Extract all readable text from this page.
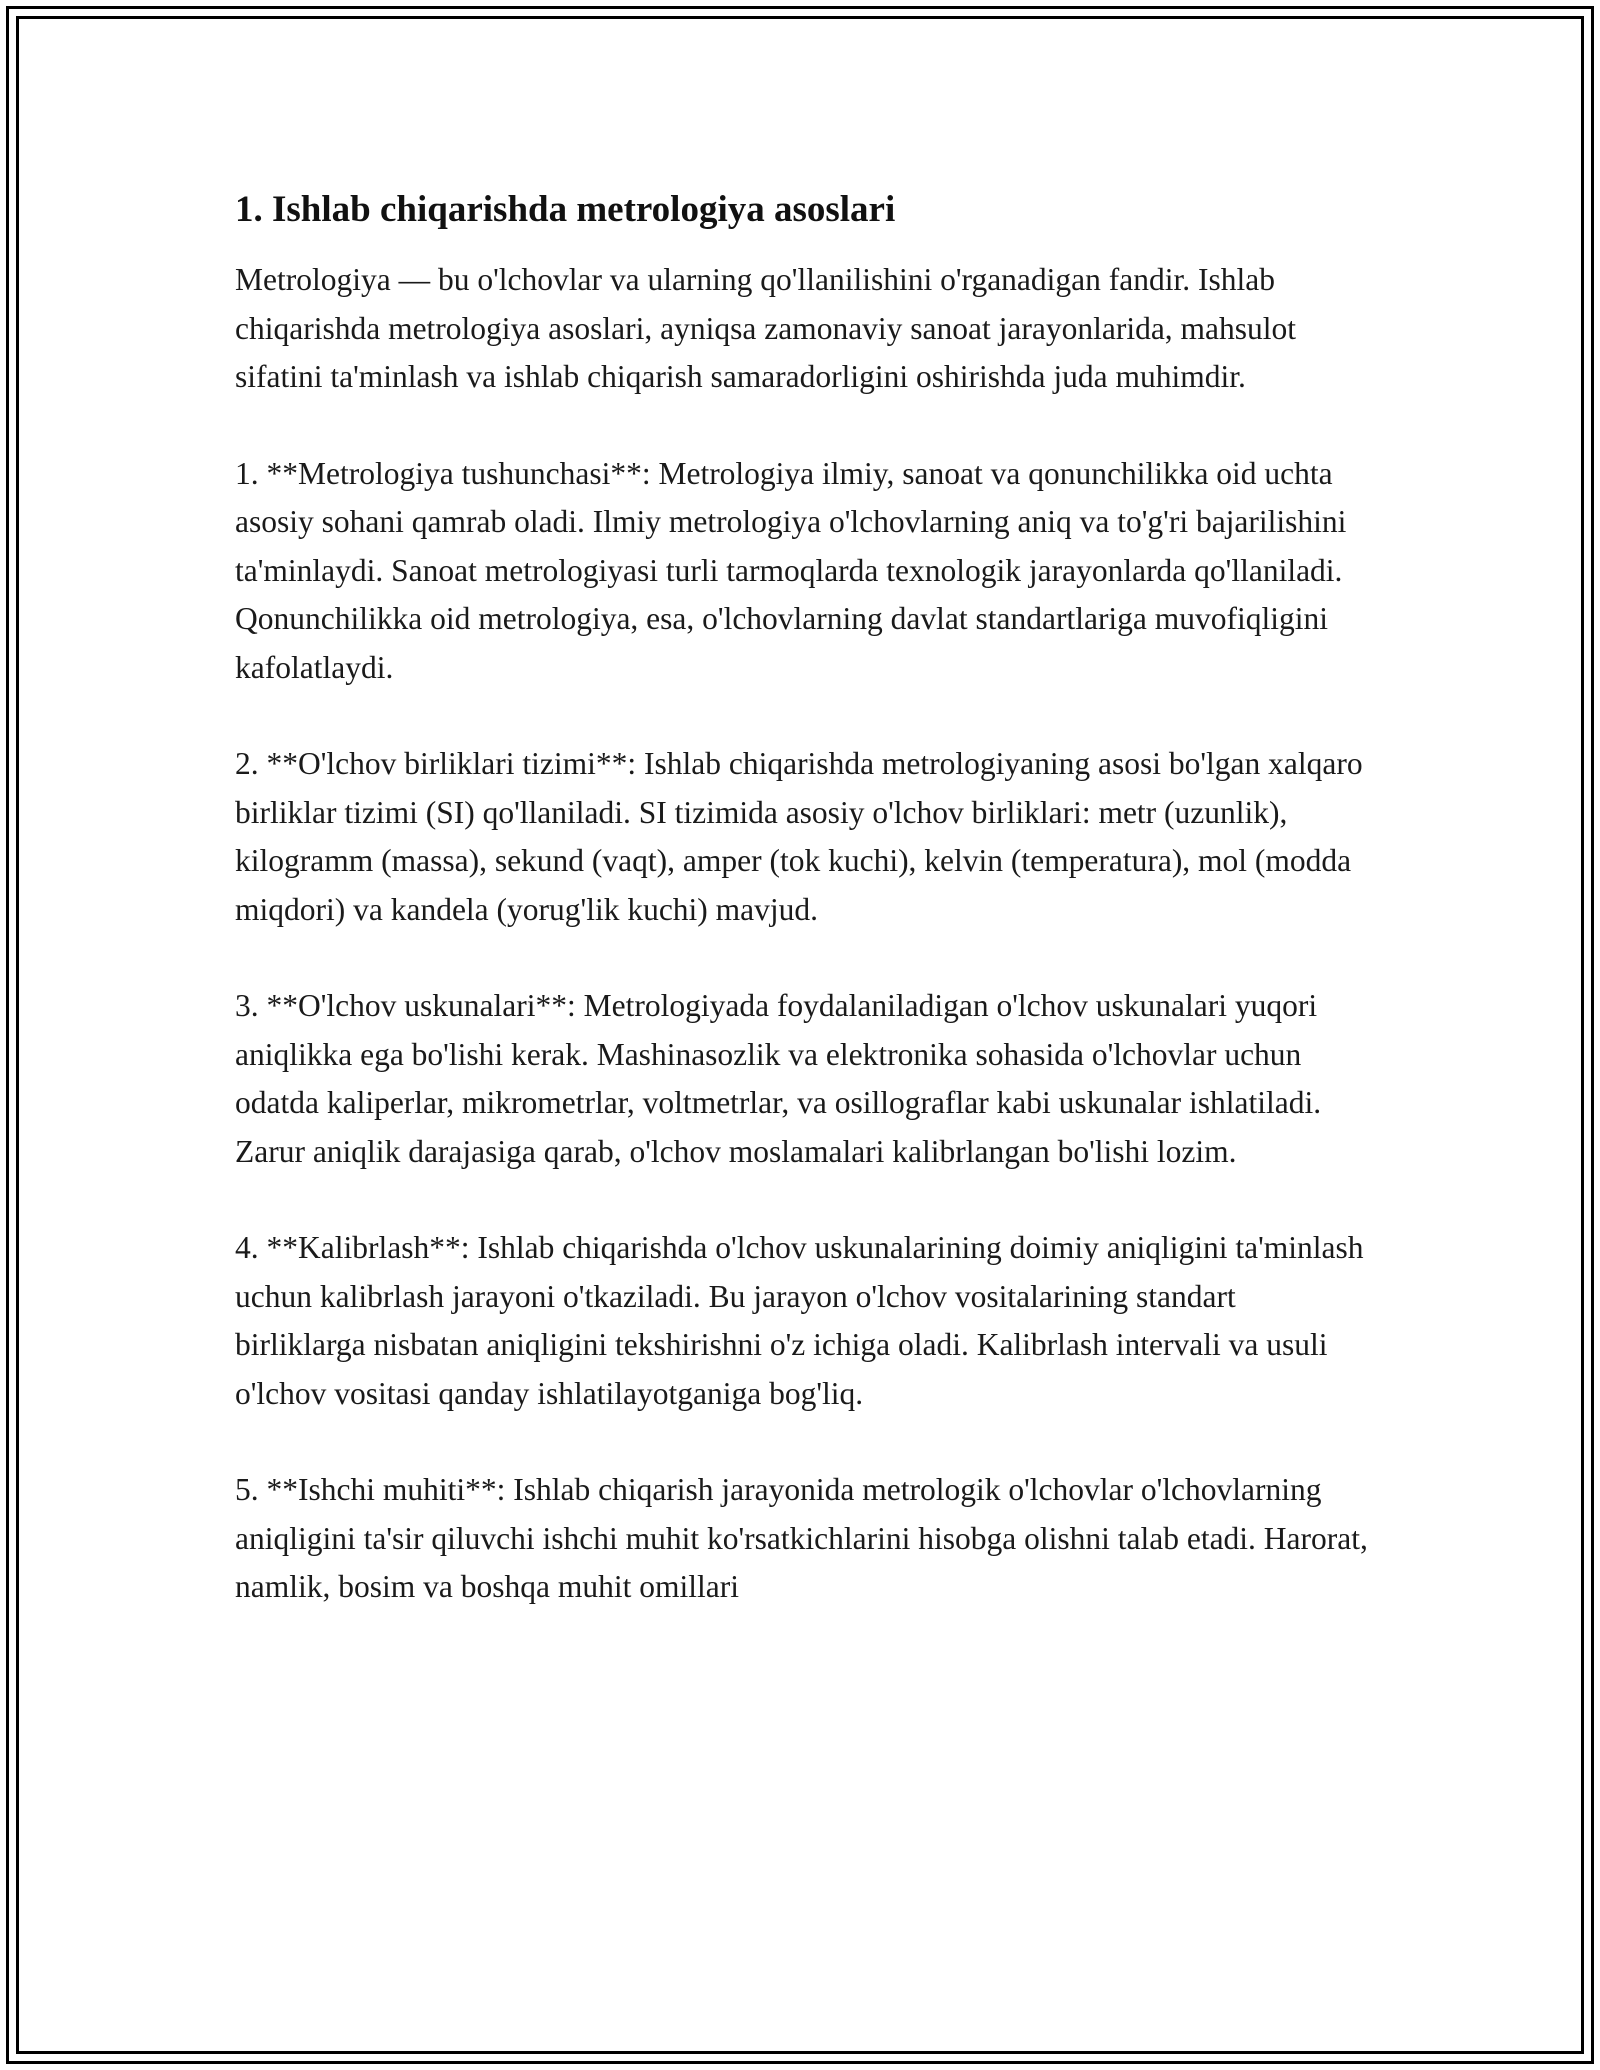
1. Ishlab chiqarishda metrologiya asoslari

Metrologiya — bu o'lchovlar va ularning qo'llanilishini o'rganadigan fandir. Ishlab chiqarishda metrologiya asoslari, ayniqsa zamonaviy sanoat jarayonlarida, mahsulot sifatini ta'minlash va ishlab chiqarish samaradorligini oshirishda juda muhimdir.

1. **Metrologiya tushunchasi**: Metrologiya ilmiy, sanoat va qonunchilikka oid uchta asosiy sohani qamrab oladi. Ilmiy metrologiya o'lchovlarning aniq va to'g'ri bajarilishini ta'minlaydi. Sanoat metrologiyasi turli tarmoqlarda texnologik jarayonlarda qo'llaniladi. Qonunchilikka oid metrologiya, esa, o'lchovlarning davlat standartlariga muvofiqligini kafolatlaydi.

2. **O'lchov birliklari tizimi**: Ishlab chiqarishda metrologiyaning asosi bo'lgan xalqaro birliklar tizimi (SI) qo'llaniladi. SI tizimida asosiy o'lchov birliklari: metr (uzunlik), kilogramm (massa), sekund (vaqt), amper (tok kuchi), kelvin (temperatura), mol (modda miqdori) va kandela (yorug'lik kuchi) mavjud.

3. **O'lchov uskunalari**: Metrologiyada foydalaniladigan o'lchov uskunalari yuqori aniqlikka ega bo'lishi kerak. Mashinasozlik va elektronika sohasida o'lchovlar uchun odatda kaliperlar, mikrometrlar, voltmetrlar, va osillograflar kabi uskunalar ishlatiladi. Zarur aniqlik darajasiga qarab, o'lchov moslamalari kalibrlangan bo'lishi lozim.

4. **Kalibrlash**: Ishlab chiqarishda o'lchov uskunalarining doimiy aniqligini ta'minlash uchun kalibrlash jarayoni o'tkaziladi. Bu jarayon o'lchov vositalarining standart birliklarga nisbatan aniqligini tekshirishni o'z ichiga oladi. Kalibrlash intervali va usuli o'lchov vositasi qanday ishlatilayotganiga bog'liq.

5. **Ishchi muhiti**: Ishlab chiqarish jarayonida metrologik o'lchovlar o'lchovlarning aniqligini ta'sir qiluvchi ishchi muhit ko'rsatkichlarini hisobga olishni talab etadi. Harorat, namlik, bosim va boshqa muhit omillari
